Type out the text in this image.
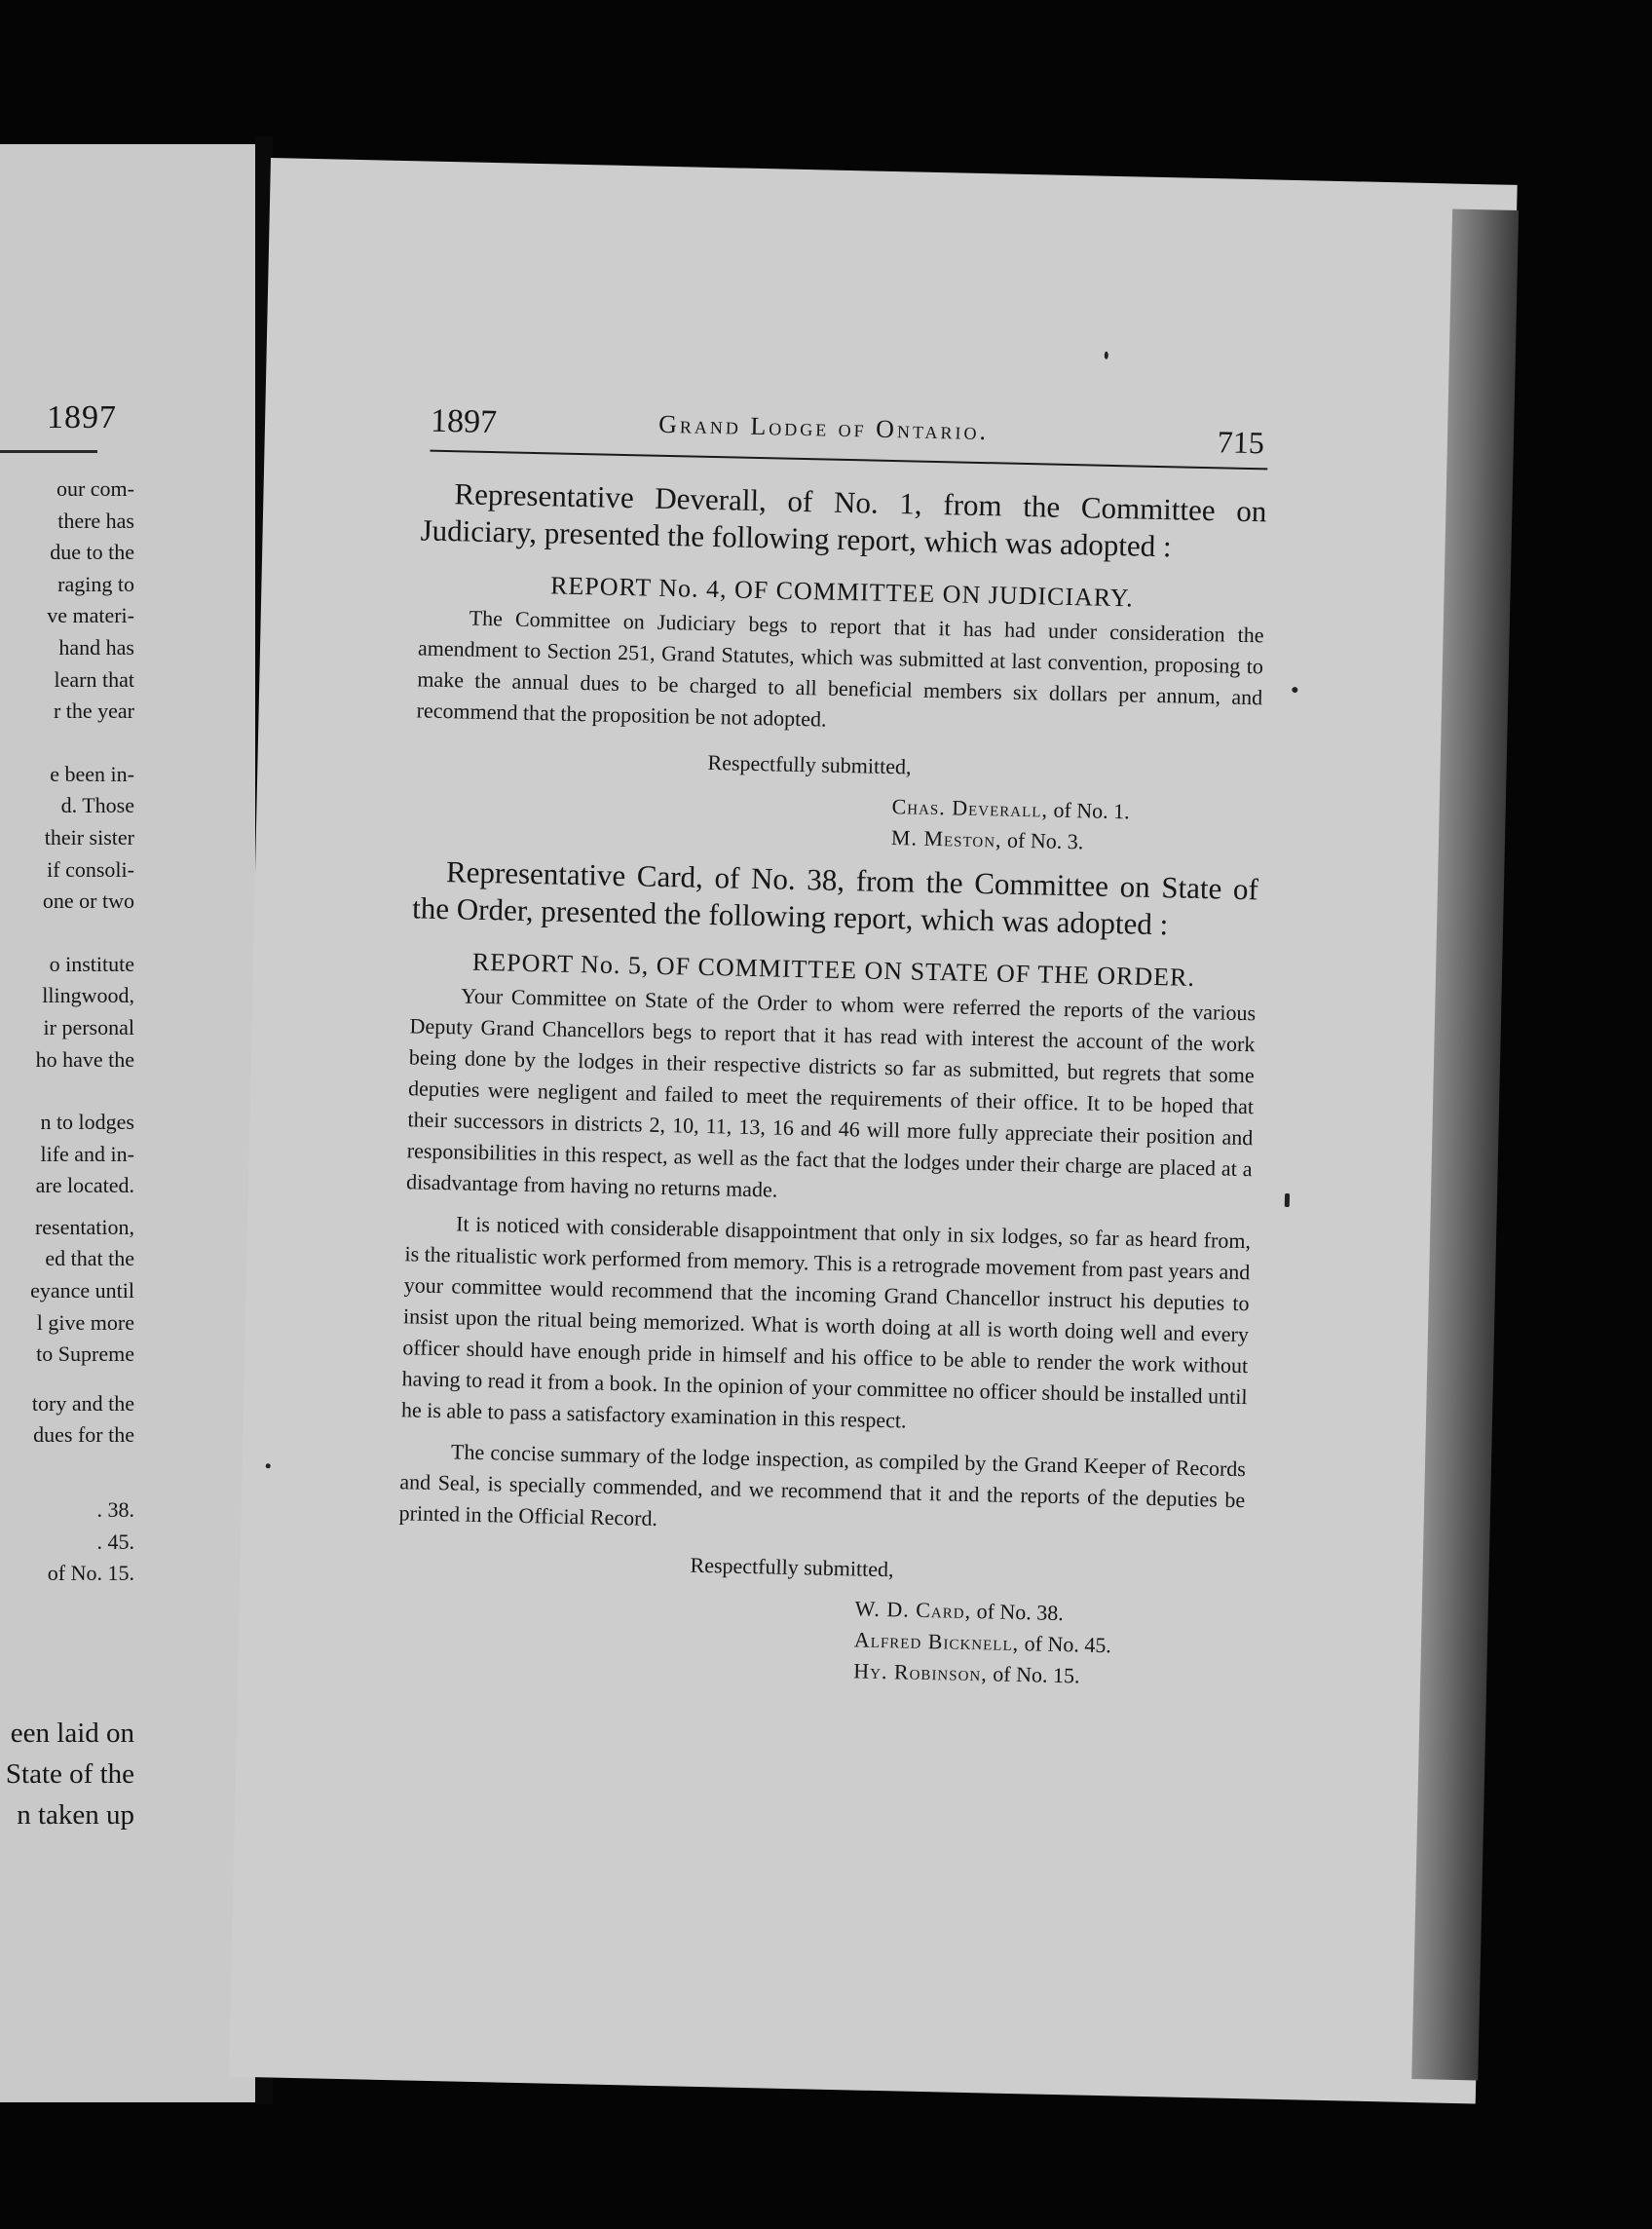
1897
our com-
there has
due to the
raging to
ve materi-
hand has
learn that
r the year
e been in-
d. Those
their sister
if consoli-
one or two
o institute
llingwood,
ir personal
ho have the
n to lodges
life and in-
are located.
resentation,
ed that the
eyance until
l give more
to Supreme
tory and the
dues for the
. 38.
. 45.
of No. 15.
een laid on
State of the
n taken up
1897	Grand Lodge of Ontario.	715

Representative Deverall, of No. 1, from the Committee on Judiciary, presented the following report, which was adopted :

REPORT No. 4, OF COMMITTEE ON JUDICIARY.

The Committee on Judiciary begs to report that it has had under consideration the amendment to Section 251, Grand Statutes, which was submitted at last convention, proposing to make the annual dues to be charged to all beneficial members six dollars per annum, and recommend that the proposition be not adopted.

Respectfully submitted,
Chas. Deverall, of No. 1.
M. Meston, of No. 3.

Representative Card, of No. 38, from the Committee on State of the Order, presented the following report, which was adopted :

REPORT No. 5, OF COMMITTEE ON STATE OF THE ORDER.

Your Committee on State of the Order to whom were referred the reports of the various Deputy Grand Chancellors begs to report that it has read with interest the account of the work being done by the lodges in their respective districts so far as submitted, but regrets that some deputies were negligent and failed to meet the requirements of their office. It to be hoped that their successors in districts 2, 10, 11, 13, 16 and 46 will more fully appreciate their position and responsibilities in this respect, as well as the fact that the lodges under their charge are placed at a disadvantage from having no returns made.

It is noticed with considerable disappointment that only in six lodges, so far as heard from, is the ritualistic work performed from memory. This is a retrograde movement from past years and your committee would recommend that the incoming Grand Chancellor instruct his deputies to insist upon the ritual being memorized. What is worth doing at all is worth doing well and every officer should have enough pride in himself and his office to be able to render the work without having to read it from a book. In the opinion of your committee no officer should be installed until he is able to pass a satisfactory examination in this respect.

The concise summary of the lodge inspection, as compiled by the Grand Keeper of Records and Seal, is specially commended, and we recommend that it and the reports of the deputies be printed in the Official Record.

Respectfully submitted,
W. D. Card, of No. 38.
Alfred Bicknell, of No. 45.
Hy. Robinson, of No. 15.
